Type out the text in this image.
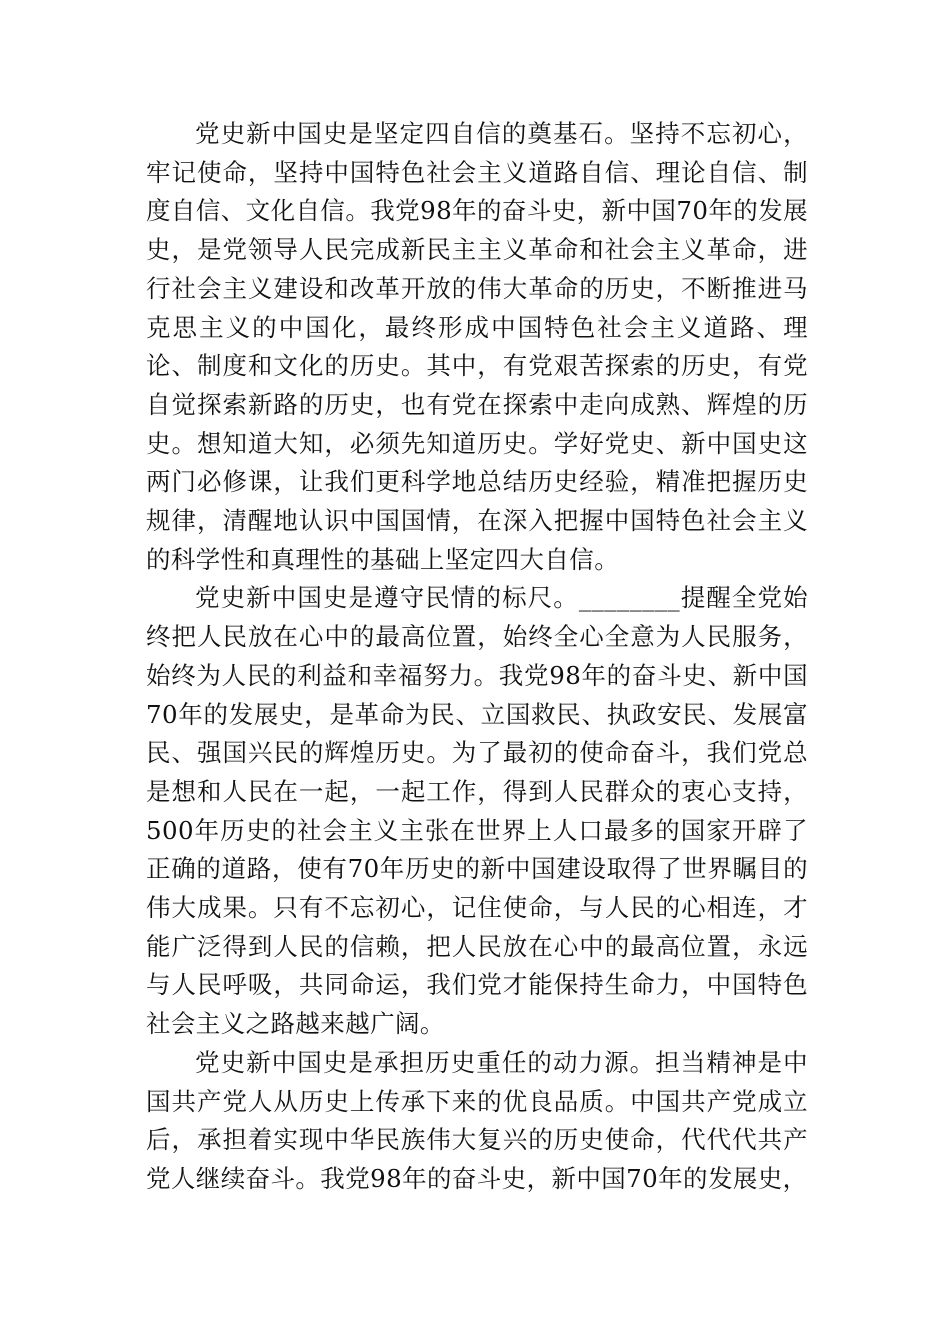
党史新中国史是坚定四自信的奠基石。坚持不忘初心，牢记使命，坚持中国特色社会主义道路自信、理论自信、制度自信、文化自信。我党98年的奋斗史，新中国70年的发展史，是党领导人民完成新民主主义革命和社会主义革命，进行社会主义建设和改革开放的伟大革命的历史，不断推进马克思主义的中国化，最终形成中国特色社会主义道路、理论、制度和文化的历史。其中，有党艰苦探索的历史，有党自觉探索新路的历史，也有党在探索中走向成熟、辉煌的历史。想知道大知，必须先知道历史。学好党史、新中国史这两门必修课，让我们更科学地总结历史经验，精准把握历史规律，清醒地认识中国国情，在深入把握中国特色社会主义的科学性和真理性的基础上坚定四大自信。

党史新中国史是遵守民情的标尺。________提醒全党始终把人民放在心中的最高位置，始终全心全意为人民服务，始终为人民的利益和幸福努力。我党98年的奋斗史、新中国70年的发展史，是革命为民、立国救民、执政安民、发展富民、强国兴民的辉煌历史。为了最初的使命奋斗，我们党总是想和人民在一起，一起工作，得到人民群众的衷心支持，500年历史的社会主义主张在世界上人口最多的国家开辟了正确的道路，使有70年历史的新中国建设取得了世界瞩目的伟大成果。只有不忘初心，记住使命，与人民的心相连，才能广泛得到人民的信赖，把人民放在心中的最高位置，永远与人民呼吸，共同命运，我们党才能保持生命力，中国特色社会主义之路越来越广阔。

党史新中国史是承担历史重任的动力源。担当精神是中国共产党人从历史上传承下来的优良品质。中国共产党成立后，承担着实现中华民族伟大复兴的历史使命，代代代共产党人继续奋斗。我党98年的奋斗史，新中国70年的发展史，
